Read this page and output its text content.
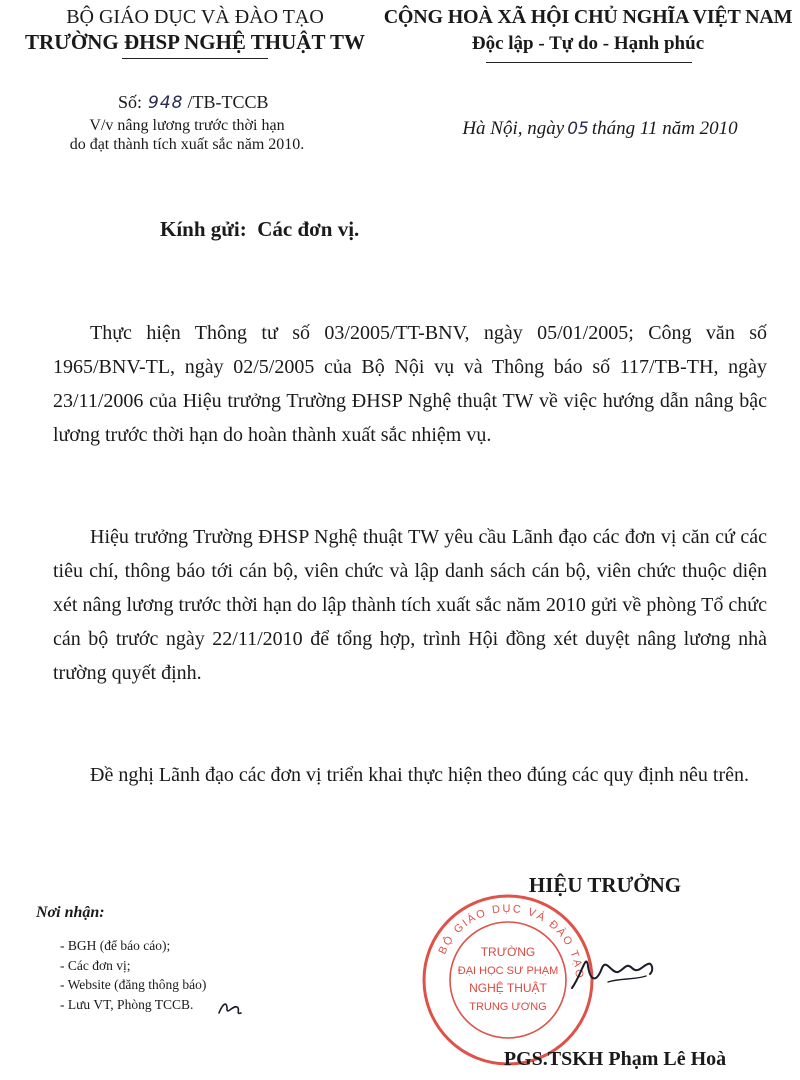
BỘ GIÁO DỤC VÀ ĐÀO TẠO
TRƯỜNG ĐHSP NGHỆ THUẬT TW
CỘNG HOÀ XÃ HỘI CHỦ NGHĨA VIỆT NAM
Độc lập - Tự do - Hạnh phúc
Số: 948 /TB-TCCB
V/v nâng lương trước thời hạn
do đạt thành tích xuất sắc năm 2010.
Hà Nội, ngày 05 tháng 11 năm 2010
Kính gửi: Các đơn vị.
Thực hiện Thông tư số 03/2005/TT-BNV, ngày 05/01/2005; Công văn số 1965/BNV-TL, ngày 02/5/2005 của Bộ Nội vụ và Thông báo số 117/TB-TH, ngày 23/11/2006 của Hiệu trưởng Trường ĐHSP Nghệ thuật TW về việc hướng dẫn nâng bậc lương trước thời hạn do hoàn thành xuất sắc nhiệm vụ.
Hiệu trưởng Trường ĐHSP Nghệ thuật TW yêu cầu Lãnh đạo các đơn vị căn cứ các tiêu chí, thông báo tới cán bộ, viên chức và lập danh sách cán bộ, viên chức thuộc diện xét nâng lương trước thời hạn do lập thành tích xuất sắc năm 2010 gửi về phòng Tổ chức cán bộ trước ngày 22/11/2010 để tổng hợp, trình Hội đồng xét duyệt nâng lương nhà trường quyết định.
Đề nghị Lãnh đạo các đơn vị triển khai thực hiện theo đúng các quy định nêu trên.
HIỆU TRƯỞNG
Nơi nhận:
- BGH (để báo cáo);
- Các đơn vị;
- Website (đăng thông báo)
- Lưu VT, Phòng TCCB.
BỘ GIÁO DỤC VÀ ĐÀO TẠO
TRƯỜNG
ĐẠI HỌC SƯ PHẠM
NGHỆ THUẬT
TRUNG ƯƠNG
PGS.TSKH Phạm Lê Hoà
